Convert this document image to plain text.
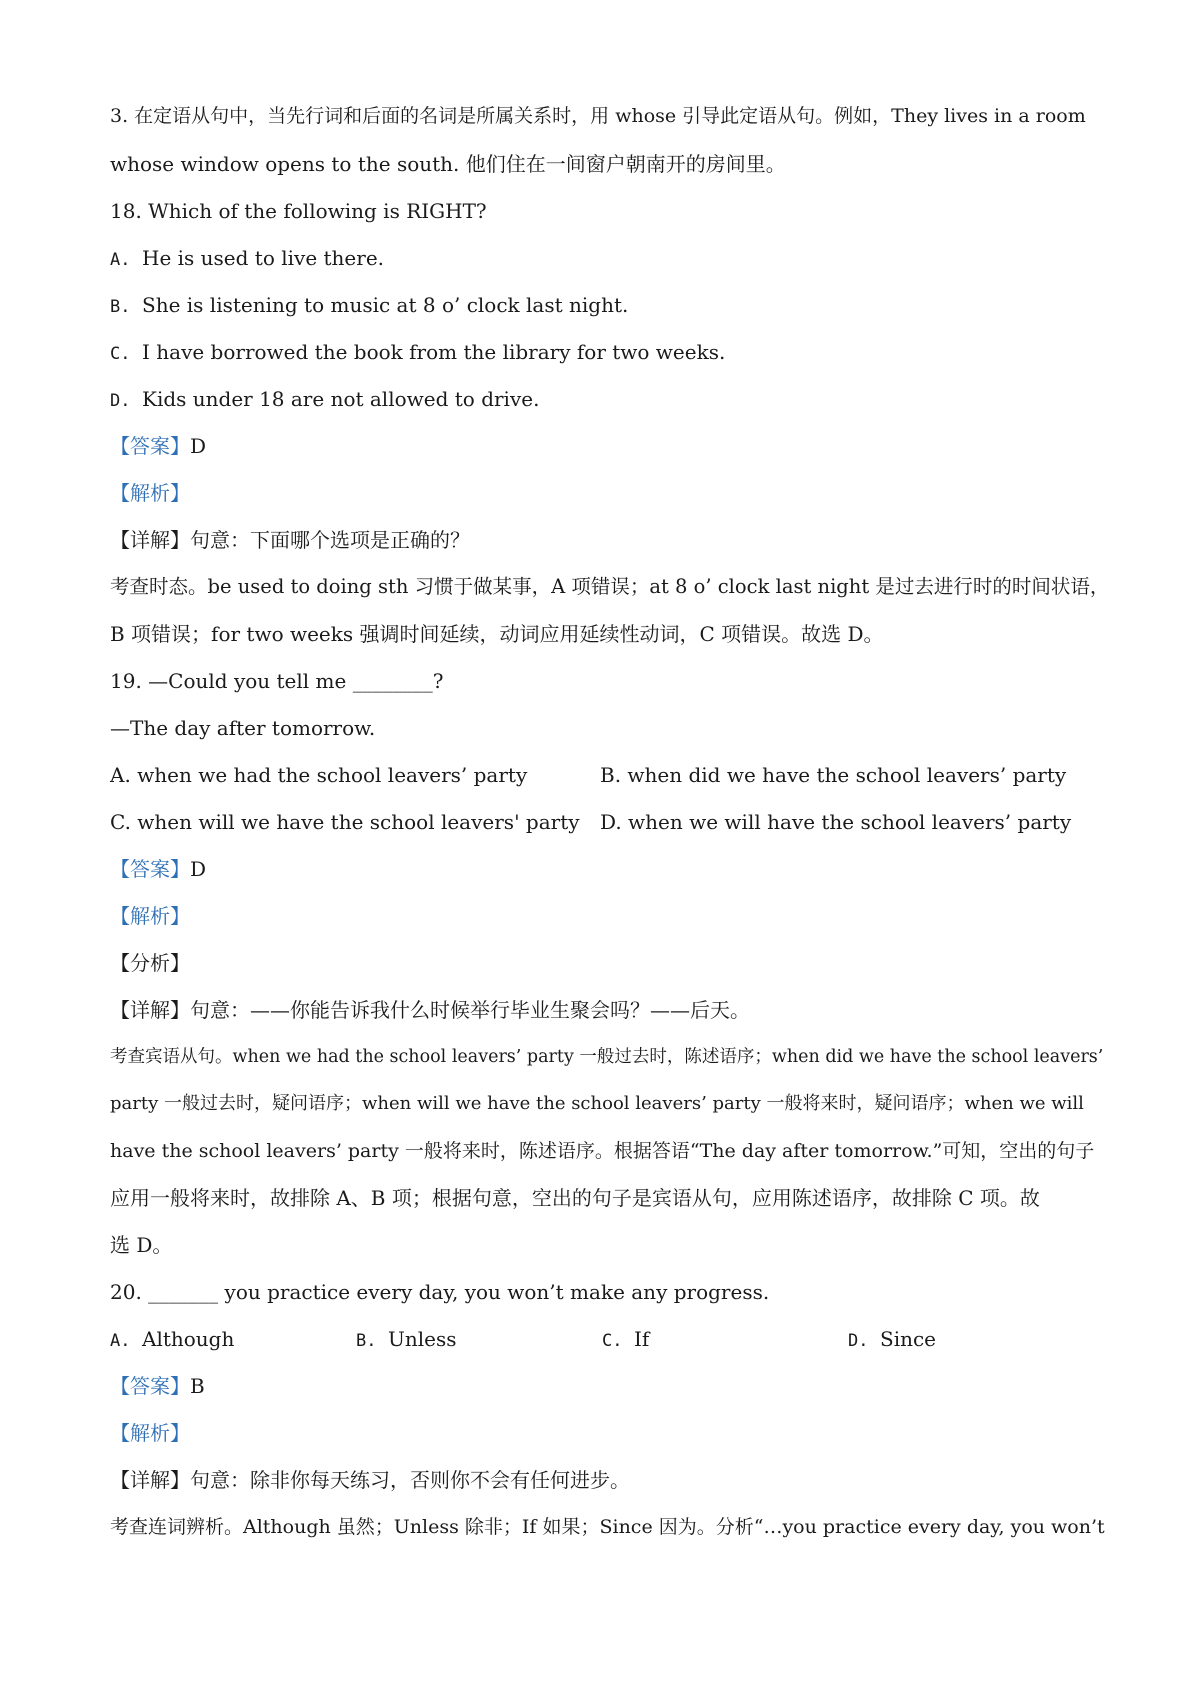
3. 在定语从句中，当先行词和后面的名词是所属关系时，用 whose 引导此定语从句。例如，They lives in a room
whose window opens to the south. 他们住在一间窗户朝南开的房间里。
18. Which of the following is RIGHT?
A. He is used to live there.
B. She is listening to music at 8 o’ clock last night.
C. I have borrowed the book from the library for two weeks.
D. Kids under 18 are not allowed to drive.
【答案】D
【解析】
【详解】句意：下面哪个选项是正确的？
考查时态。be used to doing sth 习惯于做某事，A 项错误；at 8 o’ clock last night 是过去进行时的时间状语，
B 项错误；for two weeks 强调时间延续，动词应用延续性动词，C 项错误。故选 D。
19. —Could you tell me ________?
—The day after tomorrow.
A. when we had the school leavers’ party	B. when did we have the school leavers’ party
C. when will we have the school leavers' party D. when we will have the school leavers’ party
【答案】D
【解析】
【分析】
【详解】句意：——你能告诉我什么时候举行毕业生聚会吗？——后天。
考查宾语从句。when we had the school leavers’ party 一般过去时，陈述语序；when did we have the school leavers’
party 一般过去时，疑问语序；when will we have the school leavers’ party 一般将来时，疑问语序；when we will
have the school leavers’ party 一般将来时，陈述语序。根据答语“The day after tomorrow.”可知，空出的句子
应用一般将来时，故排除 A、B 项；根据句意，空出的句子是宾语从句，应用陈述语序，故排除 C 项。故
选 D。
20. _______ you practice every day, you won’t make any progress.
A. Although	B. Unless	C. If	D. Since
【答案】B
【解析】
【详解】句意：除非你每天练习，否则你不会有任何进步。
考查连词辨析。Although 虽然；Unless 除非；If 如果；Since 因为。分析“…you practice every day, you won’t
